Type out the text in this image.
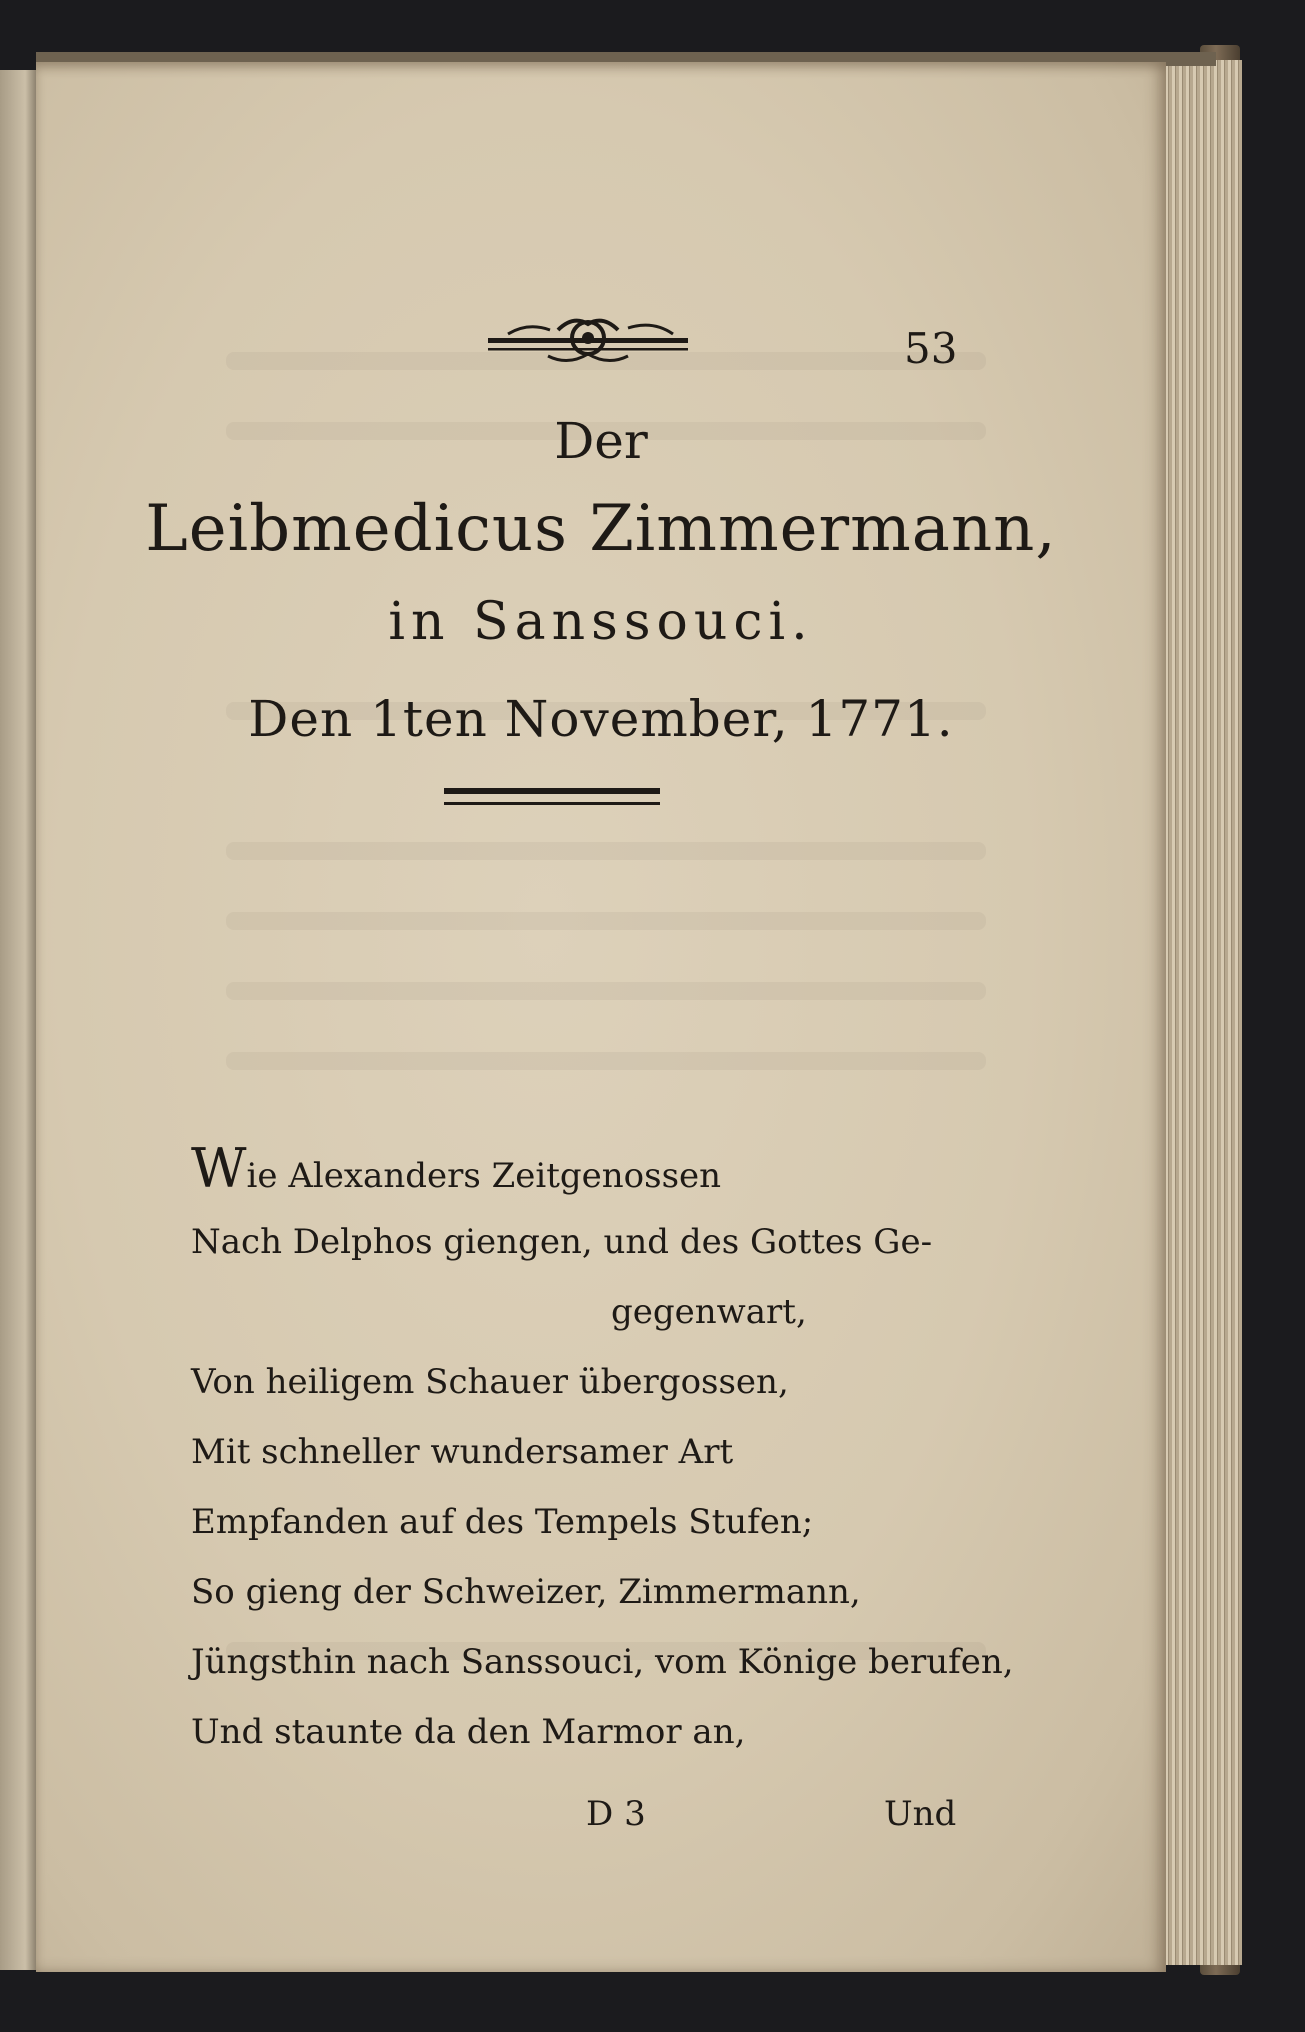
53
Der
Leibmedicus Zimmermann,
in Sanssouci.
Den 1ten November, 1771.
Wie Alexanders Zeitgenossen
Nach Delphos giengen, und des Gottes Ge-
gegenwart,
Von heiligem Schauer übergossen,
Mit schneller wundersamer Art
Empfanden auf des Tempels Stufen;
So gieng der Schweizer, Zimmermann,
Jüngsthin nach Sanssouci, vom Könige berufen,
Und staunte da den Marmor an,
D 3	Und
